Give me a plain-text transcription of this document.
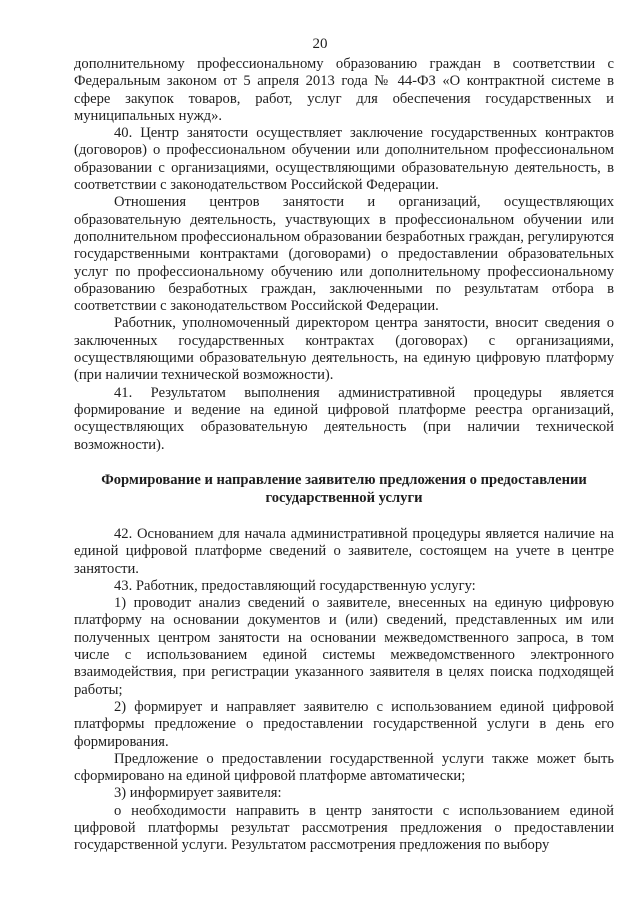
20

дополнительному профессиональному образованию граждан в соответствии с Федеральным законом от 5 апреля 2013 года № 44-ФЗ «О контрактной системе в сфере закупок товаров, работ, услуг для обеспечения государственных и муниципальных нужд».

40. Центр занятости осуществляет заключение государственных контрактов (договоров) о профессиональном обучении или дополнительном профессиональном образовании с организациями, осуществляющими образовательную деятельность, в соответствии с законодательством Российской Федерации.

Отношения центров занятости и организаций, осуществляющих образовательную деятельность, участвующих в профессиональном обучении или дополнительном профессиональном образовании безработных граждан, регулируются государственными контрактами (договорами) о предоставлении образовательных услуг по профессиональному обучению или дополнительному профессиональному образованию безработных граждан, заключенными по результатам отбора в соответствии с законодательством Российской Федерации.

Работник, уполномоченный директором центра занятости, вносит сведения о заключенных государственных контрактах (договорах) с организациями, осуществляющими образовательную деятельность, на единую цифровую платформу (при наличии технической возможности).

41. Результатом выполнения административной процедуры является формирование и ведение на единой цифровой платформе реестра организаций, осуществляющих образовательную деятельность (при наличии технической возможности).

Формирование и направление заявителю предложения о предоставлении государственной услуги

42. Основанием для начала административной процедуры является наличие на единой цифровой платформе сведений о заявителе, состоящем на учете в центре занятости.

43. Работник, предоставляющий государственную услугу:

1) проводит анализ сведений о заявителе, внесенных на единую цифровую платформу на основании документов и (или) сведений, представленных им или полученных центром занятости на основании межведомственного запроса, в том числе с использованием единой системы межведомственного электронного взаимодействия, при регистрации указанного заявителя в целях поиска подходящей работы;

2) формирует и направляет заявителю с использованием единой цифровой платформы предложение о предоставлении государственной услуги в день его формирования.

Предложение о предоставлении государственной услуги также может быть сформировано на единой цифровой платформе автоматически;

3) информирует заявителя:

о необходимости направить в центр занятости с использованием единой цифровой платформы результат рассмотрения предложения о предоставлении государственной услуги. Результатом рассмотрения предложения по выбору
